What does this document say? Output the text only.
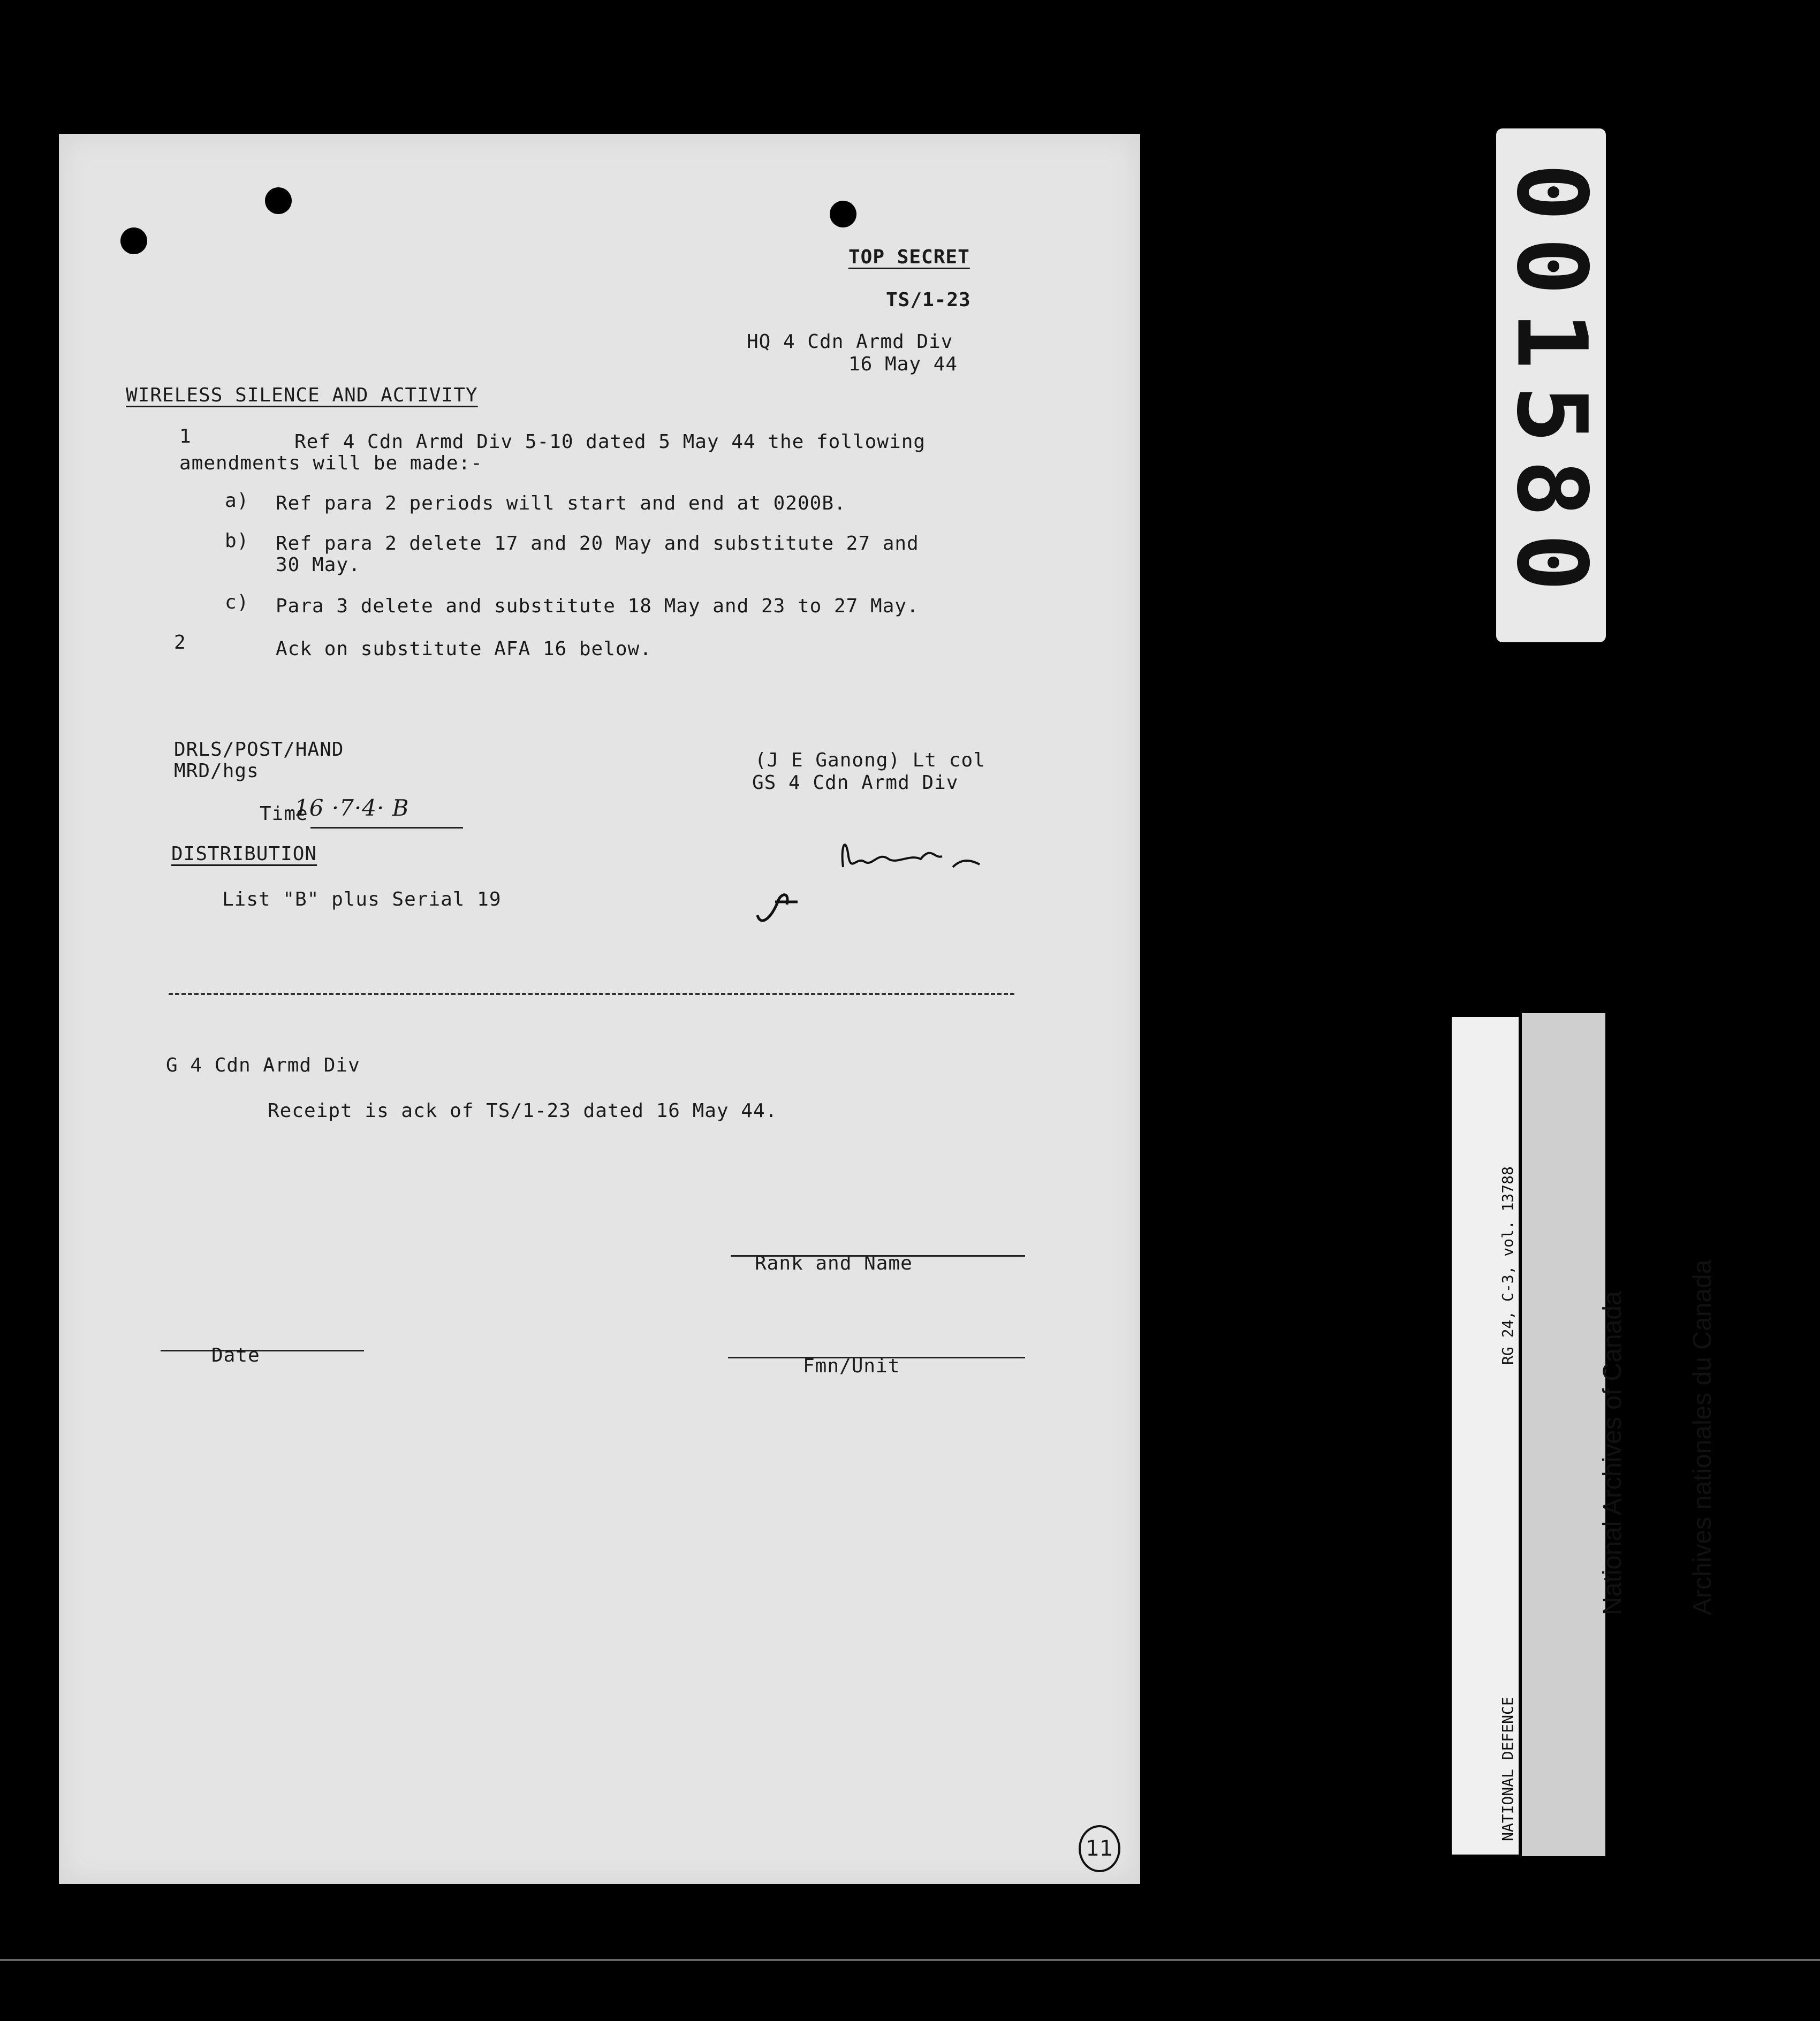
TOP SECRET
TS/1-23
HQ 4 Cdn Armd Div
16 May 44
WIRELESS SILENCE AND ACTIVITY
1	Ref 4 Cdn Armd Div 5-10 dated 5 May 44 the following
amendments will be made:-
a) Ref para 2 periods will start and end at 0200B.
b) Ref para 2 delete 17 and 20 May and substitute 27 and
30 May.
c) Para 3 delete and substitute 18 May and 23 to 27 May.
2	Ack on substitute AFA 16 below.
DRLS/POST/HAND
MRD/hgs	(J E Ganong) Lt col
GS 4 Cdn Armd Div
Time
16 ·7·4· B
DISTRIBUTION
List "B" plus Serial 19
G 4 Cdn Armd Div
Receipt is ack of TS/1-23 dated 16 May 44.
Rank and Name
Date	Fmn/Unit
11
001580

NATIONAL DEFENCE

RG 24, C-3, vol. 13788

National Archives of Canada

Archives nationales du Canada
